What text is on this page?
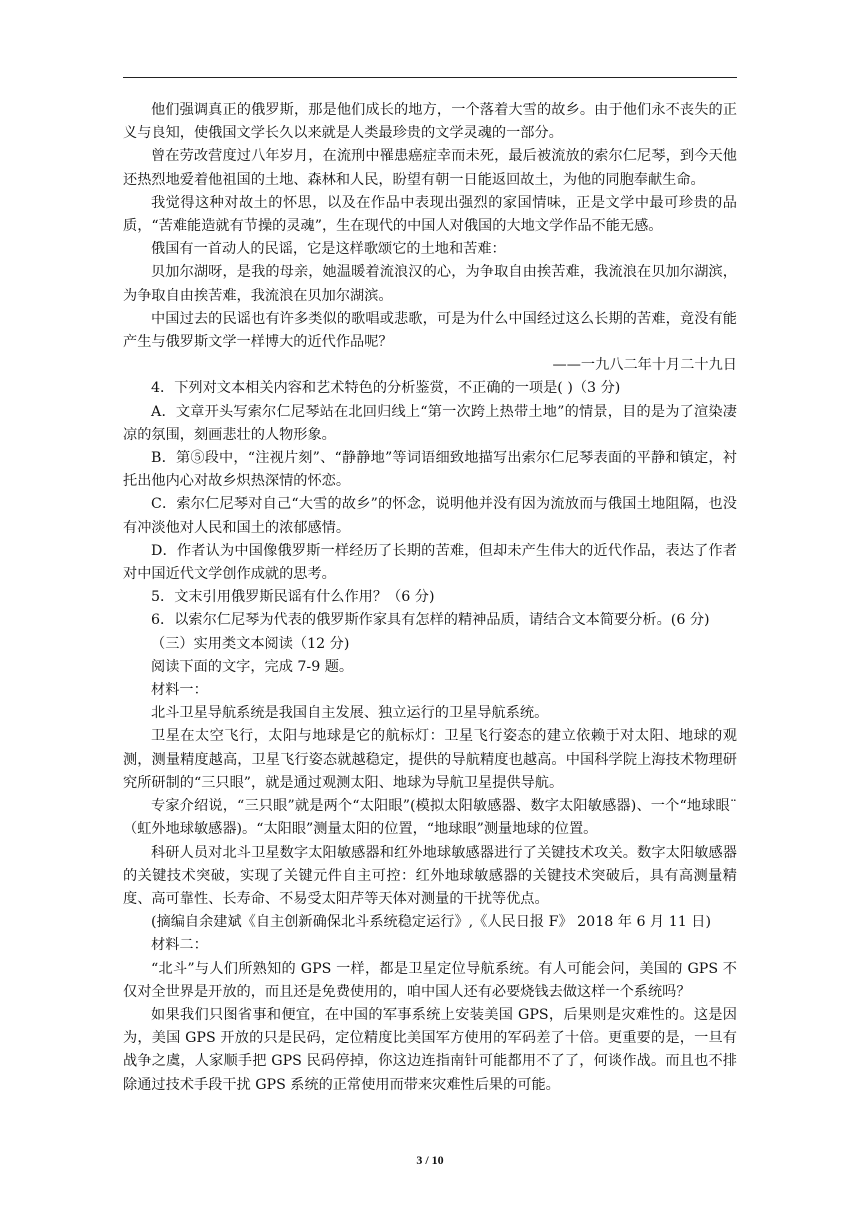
他们强调真正的俄罗斯，那是他们成长的地方，一个落着大雪的故乡。由于他们永不丧失的正义与良知，使俄国文学长久以来就是人类最珍贵的文学灵魂的一部分。

曾在劳改营度过八年岁月，在流刑中罹患癌症幸而未死，最后被流放的索尔仁尼琴，到今天他还热烈地爱着他祖国的土地、森林和人民，盼望有朝一日能返回故土，为他的同胞奉献生命。

我觉得这种对故土的怀思，以及在作品中表现出强烈的家国情味，正是文学中最可珍贵的品质，“苦难能造就有节操的灵魂”，生在现代的中国人对俄国的大地文学作品不能无感。

俄国有一首动人的民谣，它是这样歌颂它的土地和苦难：

贝加尔湖呀，是我的母亲，她温暖着流浪汉的心，为争取自由挨苦难，我流浪在贝加尔湖滨，为争取自由挨苦难，我流浪在贝加尔湖滨。

中国过去的民谣也有许多类似的歌唱或悲歌，可是为什么中国经过这么长期的苦难，竟没有能产生与俄罗斯文学一样博大的近代作品呢？

——一九八二年十月二十九日

4．下列对文本相关内容和艺术特色的分析鉴赏，不正确的一项是( )（3 分)

A．文章开头写索尔仁尼琴站在北回归线上“第一次跨上热带土地”的情景，目的是为了渲染凄凉的氛围，刻画悲壮的人物形象。

B．第⑤段中，“注视片刻”、“静静地”等词语细致地描写出索尔仁尼琴表面的平静和镇定，衬托出他内心对故乡炽热深情的怀恋。

C．索尔仁尼琴对自己“大雪的故乡”的怀念，说明他并没有因为流放而与俄国土地阻隔，也没有冲淡他对人民和国土的浓郁感情。

D．作者认为中国像俄罗斯一样经历了长期的苦难，但却未产生伟大的近代作品，表达了作者对中国近代文学创作成就的思考。

5．文末引用俄罗斯民谣有什么作用？（6 分)

6．以索尔仁尼琴为代表的俄罗斯作家具有怎样的精神品质，请结合文本简要分析。(6 分)

（三）实用类文本阅读（12 分)

阅读下面的文字，完成 7-9 题。

材料一：

北斗卫星导航系统是我国自主发展、独立运行的卫星导航系统。

卫星在太空飞行，太阳与地球是它的航标灯：卫星飞行姿态的建立依赖于对太阳、地球的观测，测量精度越高，卫星飞行姿态就越稳定，提供的导航精度也越高。中国科学院上海技术物理研究所研制的“三只眼”，就是通过观测太阳、地球为导航卫星提供导航。

专家介绍说，“三只眼”就是两个“太阳眼”(模拟太阳敏感器、数字太阳敏感器)、一个“地球眼¨（虹外地球敏感器)。“太阳眼”测量太阳的位置，“地球眼”测量地球的位置。

科研人员对北斗卫星数字太阳敏感器和红外地球敏感器进行了关键技术攻关。数字太阳敏感器的关键技术突破，实现了关键元件自主可控：红外地球敏感器的关键技术突破后，具有高测量精度、高可靠性、长寿命、不易受太阳芹等天体对测量的干扰等优点。

(摘编自余建斌《自主创新确保北斗系统稳定运行》,《人民日报 F》 2018 年 6 月 11 日)

材料二：

“北斗”与人们所熟知的 GPS 一样，都是卫星定位导航系统。有人可能会问，美国的 GPS 不仅对全世界是开放的，而且还是免费使用的，咱中国人还有必要烧钱去做这样一个系统吗？

如果我们只图省事和便宜，在中国的军事系统上安装美国 GPS，后果则是灾难性的。这是因为，美国 GPS 开放的只是民码，定位精度比美国军方使用的军码差了十倍。更重要的是，一旦有战争之虞，人家顺手把 GPS 民码停掉，你这边连指南针可能都用不了了，何谈作战。而且也不排除通过技术手段干扰 GPS 系统的正常使用而带来灾难性后果的可能。

3 / 10
